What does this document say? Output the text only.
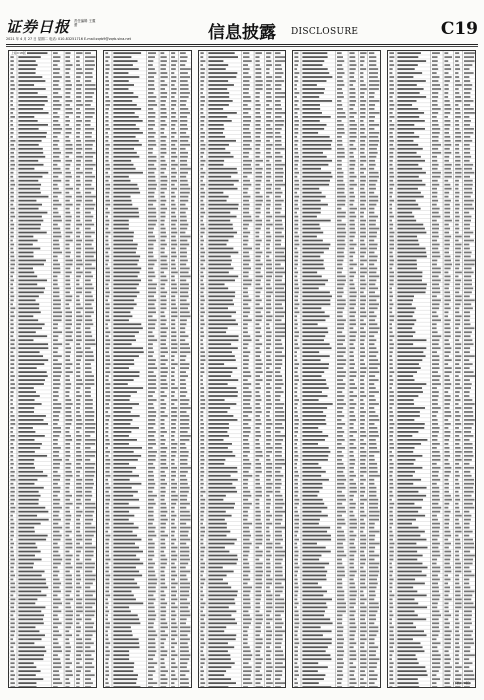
证券日报 责任编辑 王蕙蕾
2021 年 4 月 27 日 星期二 电话: 010-83251716 E-mail:zqrb9@zqrb.sina.net	信息披露 DISCLOSURE	C19
上接C18版
(下转C20版)
